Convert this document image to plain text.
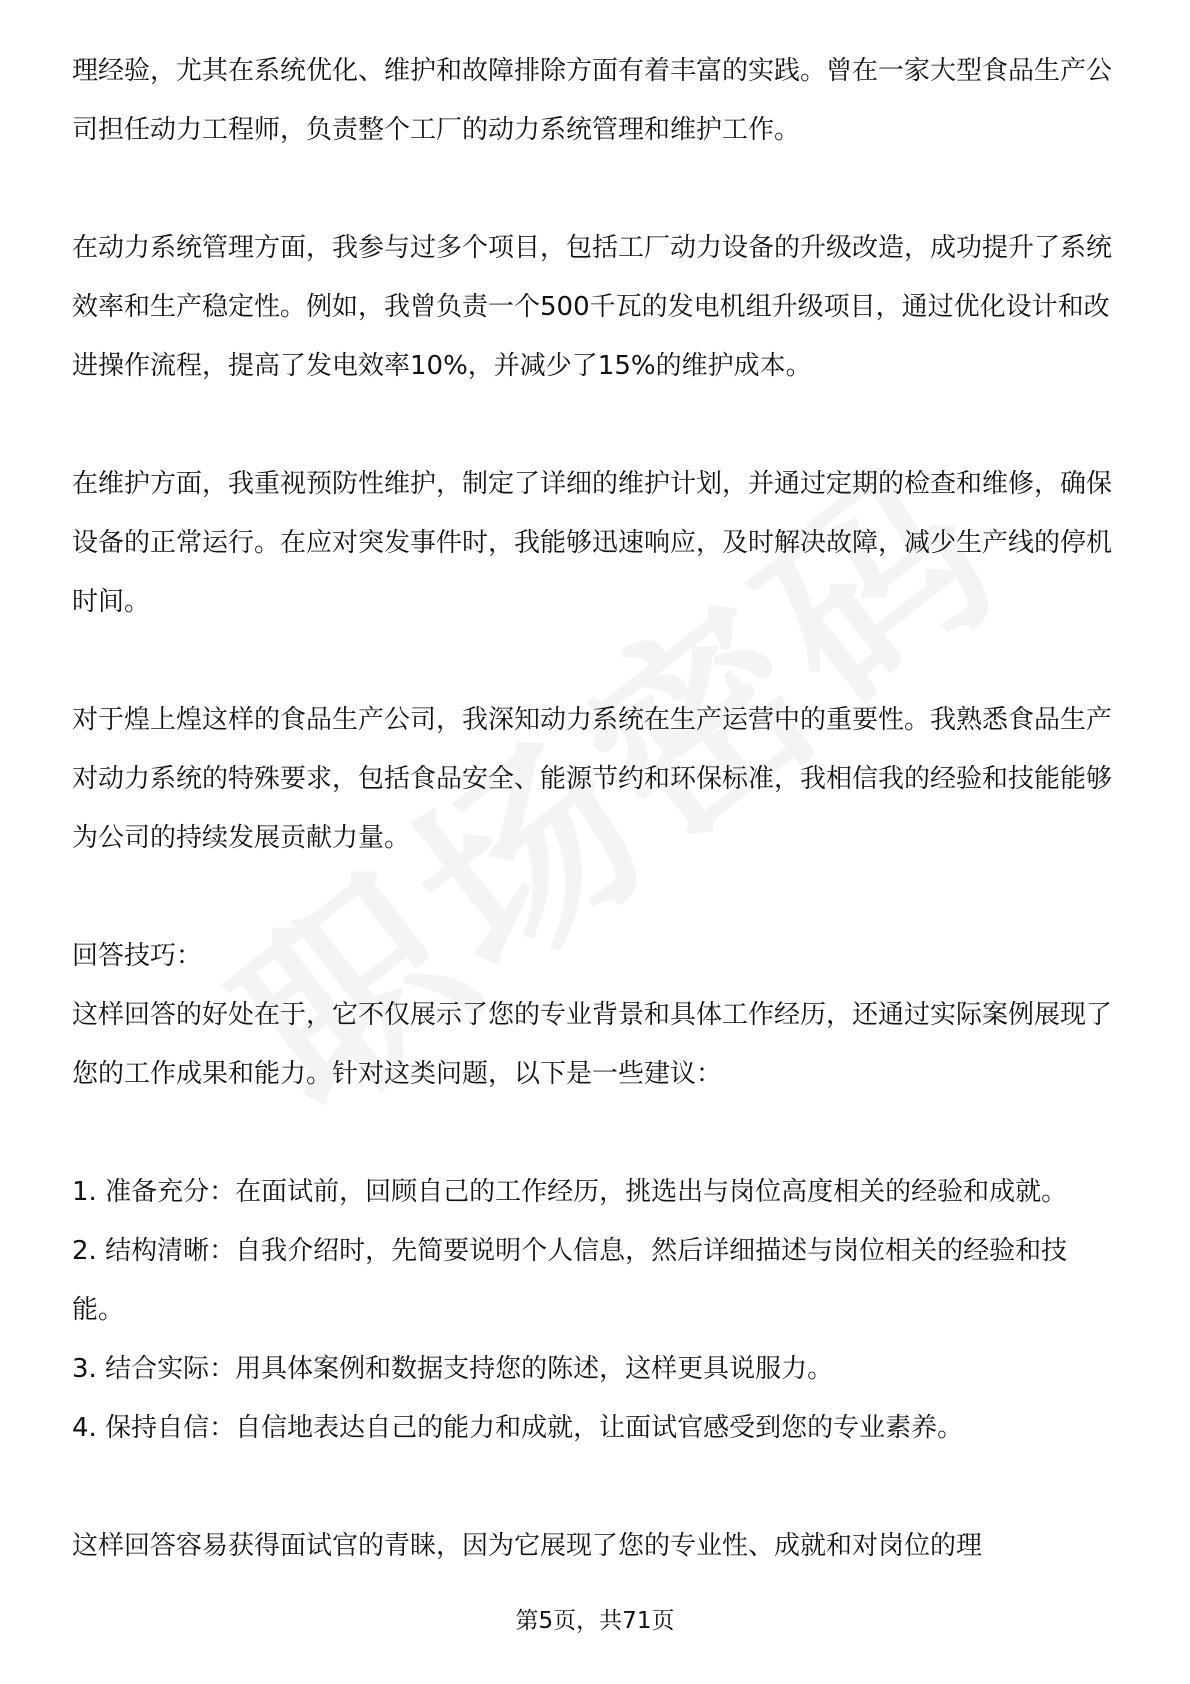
理经验，尤其在系统优化、维护和故障排除方面有着丰富的实践。曾在一家大型食品生产公司担任动力工程师，负责整个工厂的动力系统管理和维护工作。

在动力系统管理方面，我参与过多个项目，包括工厂动力设备的升级改造，成功提升了系统效率和生产稳定性。例如，我曾负责一个500千瓦的发电机组升级项目，通过优化设计和改进操作流程，提高了发电效率10%，并减少了15%的维护成本。

在维护方面，我重视预防性维护，制定了详细的维护计划，并通过定期的检查和维修，确保设备的正常运行。在应对突发事件时，我能够迅速响应，及时解决故障，减少生产线的停机时间。

对于煌上煌这样的食品生产公司，我深知动力系统在生产运营中的重要性。我熟悉食品生产对动力系统的特殊要求，包括食品安全、能源节约和环保标准，我相信我的经验和技能能够为公司的持续发展贡献力量。

回答技巧：

这样回答的好处在于，它不仅展示了您的专业背景和具体工作经历，还通过实际案例展现了您的工作成果和能力。针对这类问题，以下是一些建议：

1. 准备充分：在面试前，回顾自己的工作经历，挑选出与岗位高度相关的经验和成就。
2. 结构清晰：自我介绍时，先简要说明个人信息，然后详细描述与岗位相关的经验和技能。
3. 结合实际：用具体案例和数据支持您的陈述，这样更具说服力。
4. 保持自信：自信地表达自己的能力和成就，让面试官感受到您的专业素养。

这样回答容易获得面试官的青睐，因为它展现了您的专业性、成就和对岗位的理

第5页，共71页
